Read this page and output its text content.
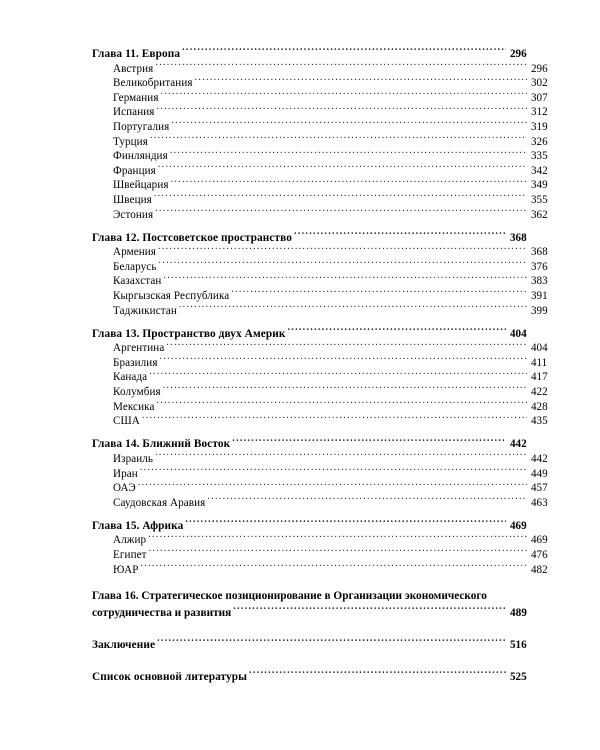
Глава 11. Европа . . .	296
Австрия . . .	296
Великобритания . . .	302
Германия . . .	307
Испания . . .	312
Португалия . . .	319
Турция . . .	326
Финляндия . . .	335
Франция . . .	342
Швейцария . . .	349
Швеция . . .	355
Эстония . . .	362
Глава 12. Постсоветское пространство . . .	368
Армения . . .	368
Беларусь . . .	376
Казахстан . . .	383
Кыргызская Республика . . .	391
Таджикистан . . .	399
Глава 13. Пространство двух Америк . . .	404
Аргентина . . .	404
Бразилия . . .	411
Канада . . .	417
Колумбия . . .	422
Мексика . . .	428
США . . .	435
Глава 14. Ближний Восток . . .	442
Израиль . . .	442
Иран . . .	449
ОАЭ . . .	457
Саудовская Аравия . . .	463
Глава 15. Африка . . .	469
Алжир . . .	469
Египет . . .	476
ЮАР . . .	482
Глава 16. Стратегическое позиционирование в Организации экономического
сотрудничества и развития . . .	489
Заключение . . .	516
Список основной литературы . . .	525
